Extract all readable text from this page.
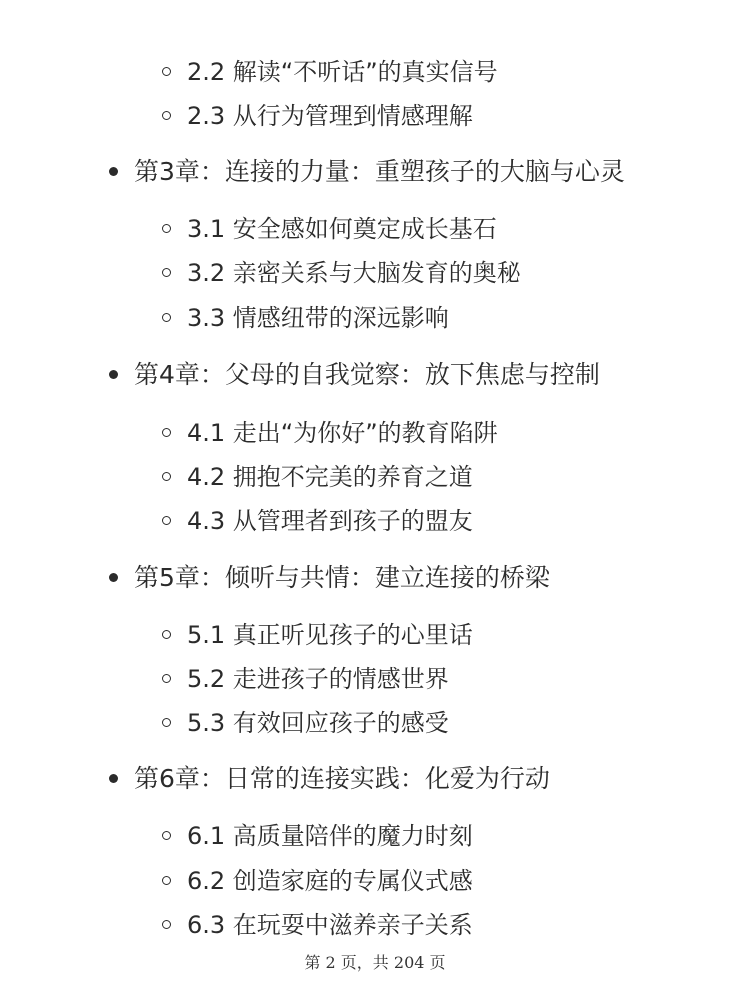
2.2 解读“不听话”的真实信号
2.3 从行为管理到情感理解
第3章：连接的力量：重塑孩子的大脑与心灵
3.1 安全感如何奠定成长基石
3.2 亲密关系与大脑发育的奥秘
3.3 情感纽带的深远影响
第4章：父母的自我觉察：放下焦虑与控制
4.1 走出“为你好”的教育陷阱
4.2 拥抱不完美的养育之道
4.3 从管理者到孩子的盟友
第5章：倾听与共情：建立连接的桥梁
5.1 真正听见孩子的心里话
5.2 走进孩子的情感世界
5.3 有效回应孩子的感受
第6章：日常的连接实践：化爱为行动
6.1 高质量陪伴的魔力时刻
6.2 创造家庭的专属仪式感
6.3 在玩耍中滋养亲子关系
第 2 页，共 204 页
